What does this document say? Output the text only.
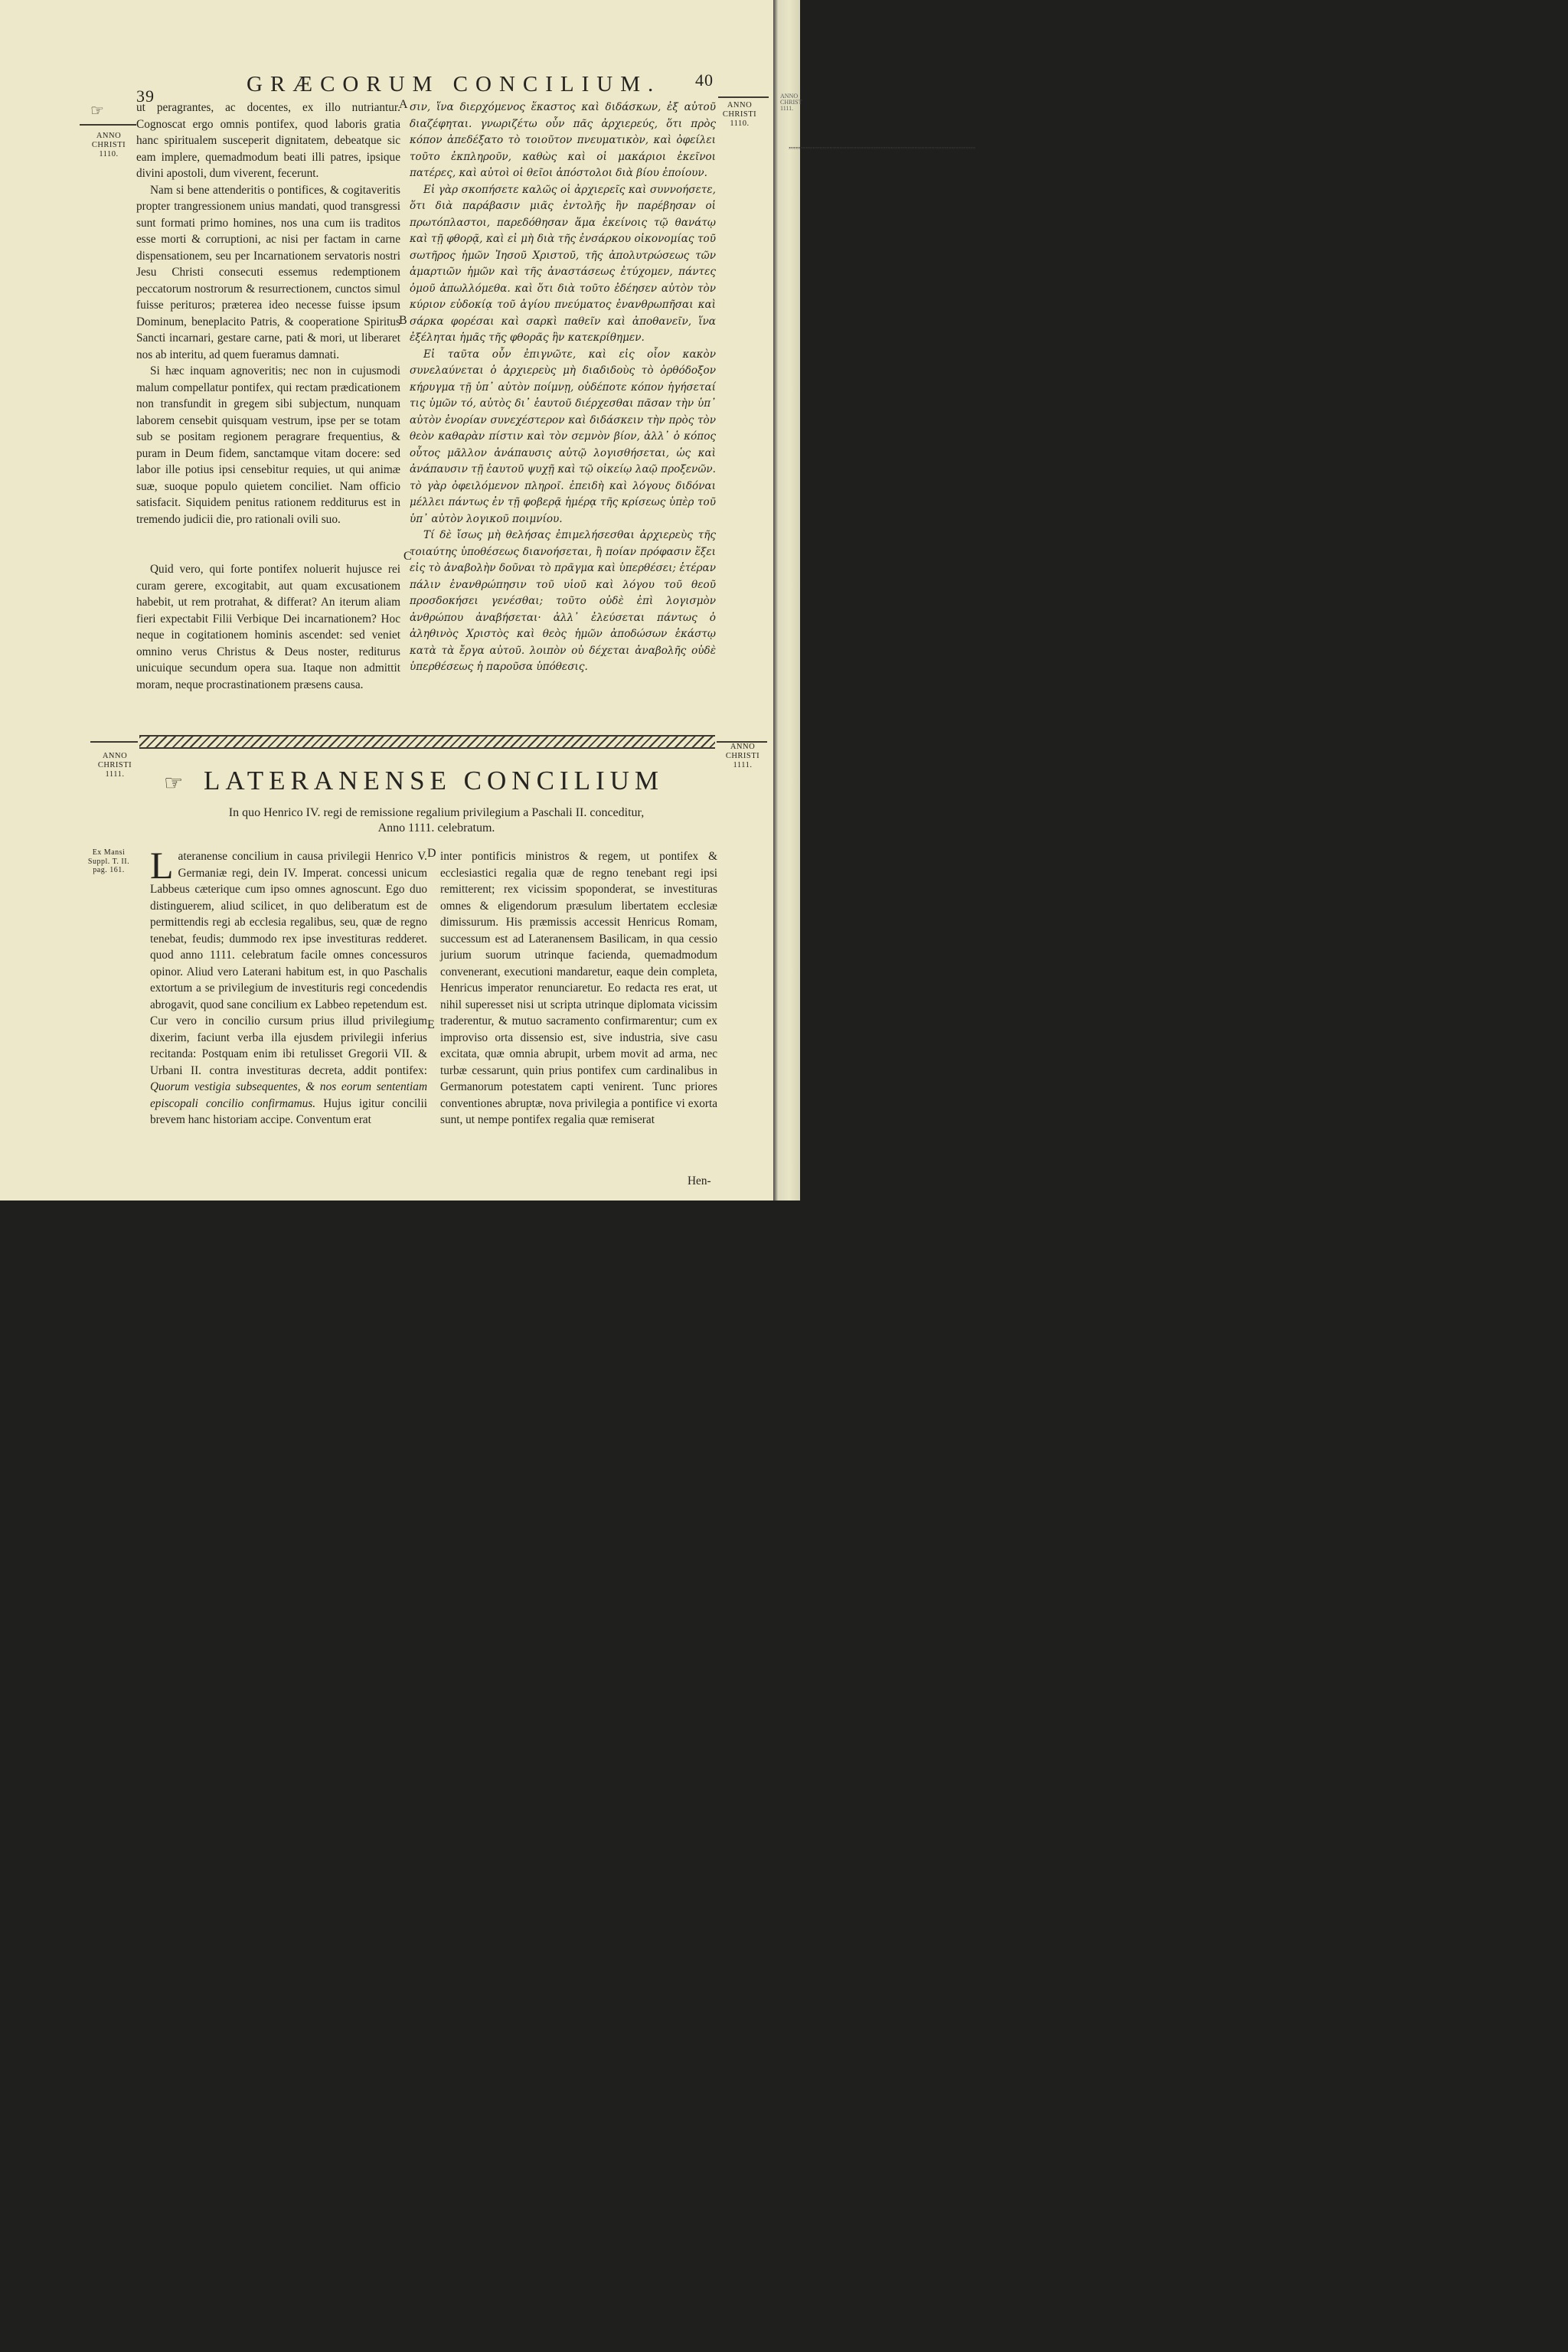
39	GRÆCORUM CONCILIUM. 40
☞
ANNO
CHRISTI
1110.
ANNO
CHRISTI
1110.

ut peragrantes, ac docentes, ex illo nutriantur. Cognoscat ergo omnis pontifex, quod laboris gratia hanc spiritualem susceperit dignitatem, debeatque sic eam implere, quemadmodum beati illi patres, ipsique divini apostoli, dum viverent, fecerunt.

Nam si bene attenderitis o pontifices, & cogitaveritis propter trangressionem unius mandati, quod transgressi sunt formati primo homines, nos una cum iis traditos esse morti & corruptioni, ac nisi per factam in carne dispensationem, seu per Incarnationem servatoris nostri Jesu Christi consecuti essemus redemptionem peccatorum nostrorum & resurrectionem, cunctos simul fuisse perituros; præterea ideo necesse fuisse ipsum Dominum, beneplacito Patris, & cooperatione Spiritus Sancti incarnari, gestare carne, pati & mori, ut liberaret nos ab interitu, ad quem fueramus damnati.

Si hæc inquam agnoveritis; nec non in cujusmodi malum compellatur pontifex, qui rectam prædicationem non transfundit in gregem sibi subjectum, nunquam laborem censebit quisquam vestrum, ipse per se totam sub se positam regionem peragrare frequentius, & puram in Deum fidem, sanctamque vitam docere: sed labor ille potius ipsi censebitur requies, ut qui animæ suæ, suoque populo quietem conciliet. Nam officio satisfacit. Siquidem penitus rationem redditurus est in tremendo judicii die, pro rationali ovili suo.

Quid vero, qui forte pontifex noluerit hujusce rei curam gerere, excogitabit, aut quam excusationem habebit, ut rem protrahat, & differat? An iterum aliam fieri expectabit Filii Verbique Dei incarnationem? Hoc neque in cogitationem hominis ascendet: sed veniet omnino verus Christus & Deus noster, rediturus unicuique secundum opera sua. Itaque non admittit moram, neque procrastinationem præsens causa.

A
B
C

σιν, ἵνα διερχόμενος ἕκαστος καὶ διδάσκων, ἐξ αὐτοῦ διαζέφηται. γνωριζέτω οὖν πᾶς ἀρχιερεύς, ὅτι πρὸς κόπον ἀπεδέξατο τὸ τοιοῦτον πνευματικὸν, καὶ ὀφείλει τοῦτο ἐκπληροῦν, καθὼς καὶ οἱ μακάριοι ἐκεῖνοι πατέρες, καὶ αὐτοὶ οἱ θεῖοι ἀπόστολοι διὰ βίου ἐποίουν.

Εἰ γὰρ σκοπήσετε καλῶς οἱ ἀρχιερεῖς καὶ συννοήσετε, ὅτι διὰ παράβασιν μιᾶς ἐντολῆς ἣν παρέβησαν οἱ πρωτόπλαστοι, παρεδόθησαν ἅμα ἐκείνοις τῷ θανάτῳ καὶ τῇ φθορᾷ, καὶ εἰ μὴ διὰ τῆς ἐνσάρκου οἰκονομίας τοῦ σωτῆρος ἡμῶν Ἰησοῦ Χριστοῦ, τῆς ἀπολυτρώσεως τῶν ἁμαρτιῶν ἡμῶν καὶ τῆς ἀναστάσεως ἐτύχομεν, πάντες ὁμοῦ ἀπωλλόμεθα. καὶ ὅτι διὰ τοῦτο ἐδέησεν αὐτὸν τὸν κύριον εὐδοκίᾳ τοῦ ἁγίου πνεύματος ἐνανθρωπῆσαι καὶ σάρκα φορέσαι καὶ σαρκὶ παθεῖν καὶ ἀποθανεῖν, ἵνα ἐξέληται ἡμᾶς τῆς φθορᾶς ἣν κατεκρίθημεν.

Εἰ ταῦτα οὖν ἐπιγνῶτε, καὶ εἰς οἷον κακὸν συνελαύνεται ὁ ἀρχιερεὺς μὴ διαδιδοὺς τὸ ὀρθόδοξον κήρυγμα τῇ ὑπ᾽ αὐτὸν ποίμνῃ, οὐδέποτε κόπον ἡγήσεταί τις ὑμῶν τό, αὐτὸς δι᾽ ἑαυτοῦ διέρχεσθαι πᾶσαν τὴν ὑπ᾽ αὐτὸν ἐνορίαν συνεχέστερον καὶ διδάσκειν τὴν πρὸς τὸν θεὸν καθαρὰν πίστιν καὶ τὸν σεμνὸν βίον, ἀλλ᾽ ὁ κόπος οὗτος μᾶλλον ἀνάπαυσις αὐτῷ λογισθήσεται, ὡς καὶ ἀνάπαυσιν τῇ ἑαυτοῦ ψυχῇ καὶ τῷ οἰκείῳ λαῷ προξενῶν. τὸ γὰρ ὀφειλόμενον πληροῖ. ἐπειδὴ καὶ λόγους διδόναι μέλλει πάντως ἐν τῇ φοβερᾷ ἡμέρᾳ τῆς κρίσεως ὑπὲρ τοῦ ὑπ᾽ αὐτὸν λογικοῦ ποιμνίου.

Τί δὲ ἴσως μὴ θελήσας ἐπιμελήσεσθαι ἀρχιερεὺς τῆς τοιαύτης ὑποθέσεως διανοήσεται, ἢ ποίαν πρόφασιν ἕξει εἰς τὸ ἀναβολὴν δοῦναι τὸ πρᾶγμα καὶ ὑπερθέσει; ἑτέραν πάλιν ἐνανθρώπησιν τοῦ υἱοῦ καὶ λόγου τοῦ θεοῦ προσδοκήσει γενέσθαι; τοῦτο οὐδὲ ἐπὶ λογισμὸν ἀνθρώπου ἀναβήσεται· ἀλλ᾽ ἐλεύσεται πάντως ὁ ἀληθινὸς Χριστὸς καὶ θεὸς ἡμῶν ἀποδώσων ἑκάστῳ κατὰ τὰ ἔργα αὐτοῦ. λοιπὸν οὐ δέχεται ἀναβολῆς οὐδὲ ὑπερθέσεως ἡ παροῦσα ὑπόθεσις.

ANNO
CHRISTI
1111.
ANNO
CHRISTI
1111.
☞ LATERANENSE CONCILIUM
In quo Henrico IV. regi de remissione regalium privilegium a Paschali II. conceditur,
Anno 1111. celebratum.
Ex Mansi
Suppl. T. II.
pag. 161. Lateranense concilium in causa privilegii Henrico V. Germaniæ regi, dein IV. Imperat. concessi unicum Labbeus cæterique cum ipso omnes agnoscunt. Ego duo distinguerem, aliud scilicet, in quo deliberatum est de permittendis regi ab ecclesia regalibus, seu, quæ de regno tenebat, feudis; dummodo rex ipse investituras redderet. quod anno 1111. celebratum facile omnes concessuros opinor. Aliud vero Laterani habitum est, in quo Paschalis extortum a se privilegium de investituris regi concedendis abrogavit, quod sane concilium ex Labbeo repetendum est. Cur vero in concilio cursum prius illud privilegium dixerim, faciunt verba illa ejusdem privilegii inferius recitanda: Postquam enim ibi retulisset Gregorii VII. & Urbani II. contra investituras decreta, addit pontifex: Quorum vestigia subsequentes, & nos eorum sententiam episcopali concilio confirmamus. Hujus igitur concilii brevem hanc historiam accipe. Conventum erat

D
E

inter pontificis ministros & regem, ut pontifex & ecclesiastici regalia quæ de regno tenebant regi ipsi remitterent; rex vicissim spoponderat, se investituras omnes & eligendorum præsulum libertatem ecclesiæ dimissurum. His præmissis accessit Henricus Romam, successum est ad Lateranensem Basilicam, in qua cessio jurium suorum utrinque facienda, quemadmodum convenerant, executioni mandaretur, eaque dein completa, Henricus imperator renunciaretur. Eo redacta res erat, ut nihil superesset nisi ut scripta utrinque diplomata vicissim traderentur, & mutuo sacramento confirmarentur; cum ex improviso orta dissensio est, sive industria, sive casu excitata, quæ omnia abrupit, urbem movit ad arma, nec turbæ cessarunt, quin prius pontifex cum cardinalibus in Germanorum potestatem capti venirent. Tunc priores conventiones abruptæ, nova privilegia a pontifice vi exorta sunt, ut nempe pontifex regalia quæ remiserat

Hen-
ANNO
CHRIST
1111.
”””””””””””””””””””””””””””””””””””””””””””””””””””””””
